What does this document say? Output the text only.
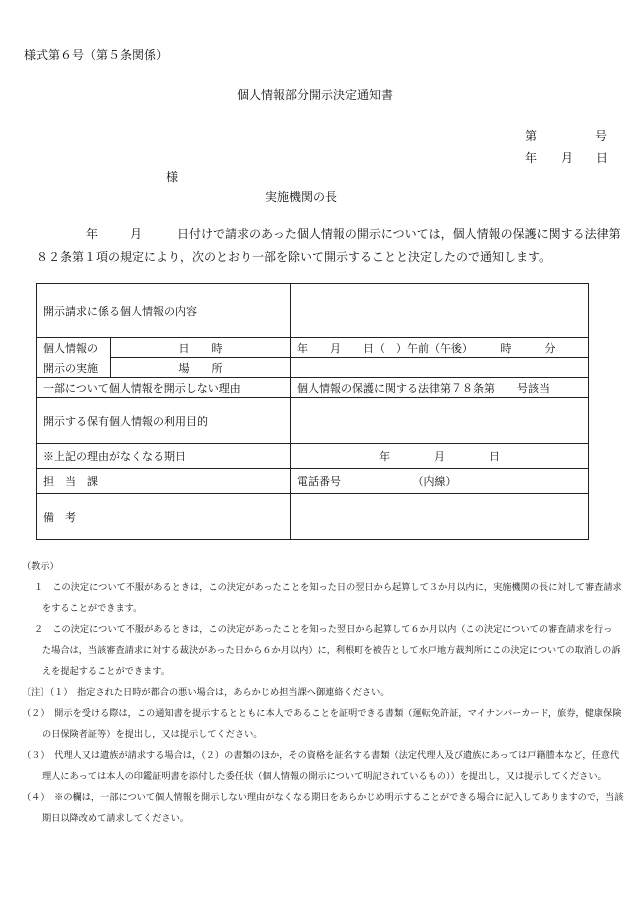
様式第６号（第５条関係）
個人情報部分開示決定通知書
第	号
年 月 日
様
実施機関の長
年	月	日付けで請求のあった個人情報の開示については，個人情報の保護に関する法律第
８２条第１項の規定により，次のとおり一部を除いて開示することと決定したので通知します。
開示請求に係る個人情報の内容		

個人情報の
開示の実施	日　　時	年　　月　　日（　）午前（午後）　　　時　　　分
	場　　所	
一部について個人情報を開示しない理由		個人情報の保護に関する法律第７８条第　　号該当
開示する保有個人情報の利用目的		
※上記の理由がなくなる期日		年　　　　月　　　　日
担　当　課		電話番号　　　　　　　（内線）
備　考		
（教示）
１　この決定について不服があるときは，この決定があったことを知った日の翌日から起算して３か月以内に，実施機関の長に対して審査請求
をすることができます。
２　この決定について不服があるときは，この決定があったことを知った翌日から起算して６か月以内（この決定についての審査請求を行っ
た場合は，当該審査請求に対する裁決があった日から６か月以内）に，利根町を被告として水戸地方裁判所にこの決定についての取消しの訴
えを提起することができます。
〔注〕（１）　指定された日時が都合の悪い場合は，あらかじめ担当課へ御連絡ください。
（２）　開示を受ける際は，この通知書を提示するとともに本人であることを証明できる書類（運転免許証，マイナンバーカード，旅券，健康保険
の日保険者証等）を提出し，又は提示してください。
（３）　代理人又は遺族が請求する場合は，（２）の書類のほか，その資格を証名する書類（法定代理人及び遺族にあっては戸籍謄本など，任意代
理人にあっては本人の印鑑証明書を添付した委任状（個人情報の開示について明記されているもの））を提出し，又は提示してください。
（４）　※の欄は，一部について個人情報を開示しない理由がなくなる期日をあらかじめ明示することができる場合に記入してありますので，当該
期日以降改めて請求してください。
